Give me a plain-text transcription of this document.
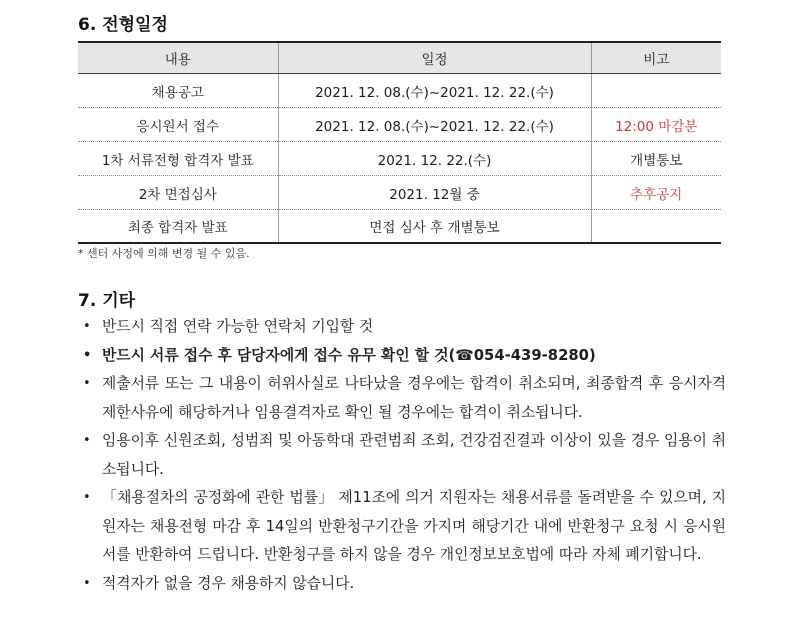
6. 전형일정
내용	일정	비고
채용공고	2021. 12. 08.(수)~2021. 12. 22.(수)	
응시원서 접수	2021. 12. 08.(수)~2021. 12. 22.(수)	12:00 마감분
1차 서류전형 합격자 발표	2021. 12. 22.(수)	개별통보
2차 면접심사	2021. 12월 중	추후공지
최종 합격자 발표	면접 심사 후 개별통보	
* 센터 사정에 의해 변경 될 수 있음.
7. 기타
• 반드시 직접 연락 가능한 연락처 기입할 것
• 반드시 서류 접수 후 담당자에게 접수 유무 확인 할 것(☎054-439-8280)
• 제출서류 또는 그 내용이 허위사실로 나타났을 경우에는 합격이 취소되며, 최종합격 후 응시자격 제한사유에 해당하거나 임용결격자로 확인 될 경우에는 합격이 취소됩니다.
• 임용이후 신원조회, 성범죄 및 아동학대 관련범죄 조회, 건강검진결과 이상이 있을 경우 임용이 취소됩니다.
• 「채용절차의 공정화에 관한 법률」 제11조에 의거 지원자는 채용서류를 돌려받을 수 있으며, 지원자는 채용전형 마감 후 14일의 반환청구기간을 가지며 해당기간 내에 반환청구 요청 시 응시원서를 반환하여 드립니다. 반환청구를 하지 않을 경우 개인정보보호법에 따라 자체 폐기합니다.
• 적격자가 없을 경우 채용하지 않습니다.
